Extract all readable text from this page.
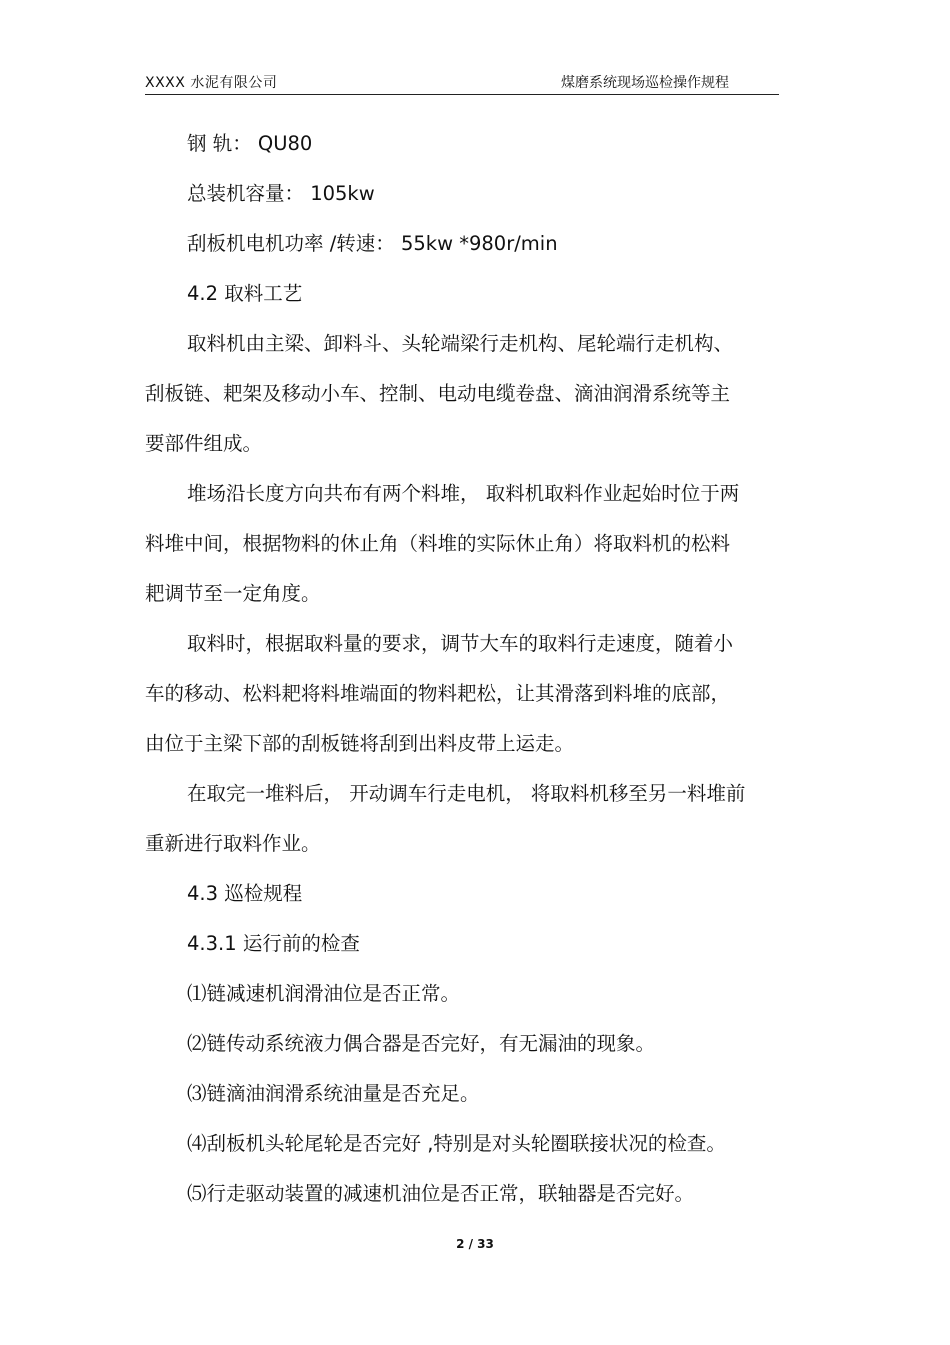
XXXX 水泥有限公司	煤磨系统现场巡检操作规程
钢 轨： QU80
总装机容量： 105kw
刮板机电机功率 /转速： 55kw *980r/min
4.2 取料工艺
取料机由主梁、卸料斗、头轮端梁行走机构、尾轮端行走机构、
刮板链、耙架及移动小车、控制、电动电缆卷盘、滴油润滑系统等主
要部件组成。
堆场沿长度方向共布有两个料堆， 取料机取料作业起始时位于两
料堆中间，根据物料的休止角（料堆的实际休止角）将取料机的松料
耙调节至一定角度。
取料时，根据取料量的要求，调节大车的取料行走速度，随着小
车的移动、松料耙将料堆端面的物料耙松，让其滑落到料堆的底部，
由位于主梁下部的刮板链将刮到出料皮带上运走。
在取完一堆料后， 开动调车行走电机， 将取料机移至另一料堆前
重新进行取料作业。
4.3 巡检规程
4.3.1 运行前的检查
⑴链减速机润滑油位是否正常。
⑵链传动系统液力偶合器是否完好，有无漏油的现象。
⑶链滴油润滑系统油量是否充足。
⑷刮板机头轮尾轮是否完好 ,特别是对头轮圈联接状况的检查。
⑸行走驱动装置的减速机油位是否正常，联轴器是否完好。
2 / 33
